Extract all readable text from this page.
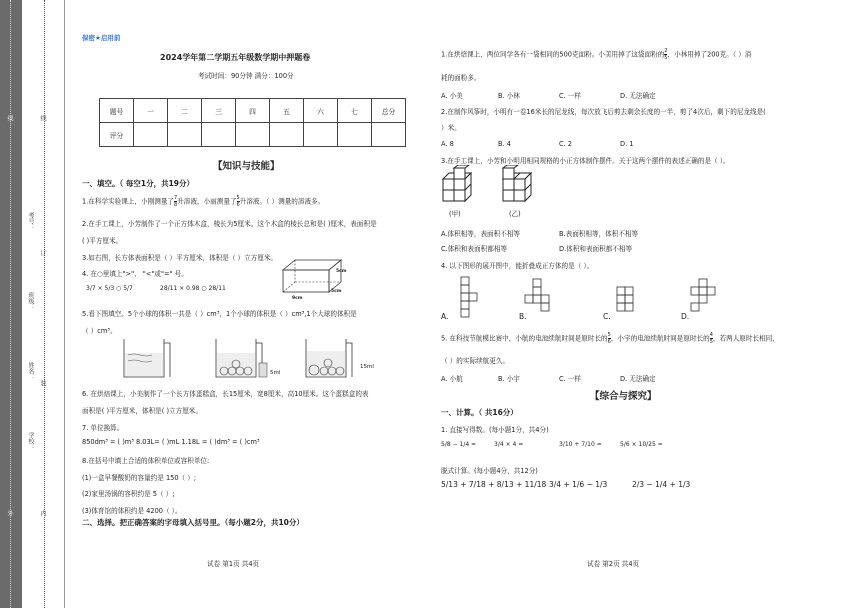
线
订
装
内
线
外
考号：
班级：
姓名：
学校：
保密★启用前
2024学年第二学期五年级数学期中押题卷
考试时间：90分钟 满分：100分
题号	一	二	三	四	五	六	七	总分
评分								
【知识与技能】
一、填空。（ 每空1分，共19分）
1.在科学实验课上，小刚测量了 $\frac{7}{8}$ 升溶液，小丽测量了 $\frac{5}{6}$ 升溶液。（ ）测量的溶液多。
2.在手工课上，小芳制作了一个正方体木盒，棱长为5厘米。这个木盒的棱长总和是( )厘米，表面积是
( )平方厘米。
3.如右图，长方体表面积是（ ）平方厘米，体积是（ ）立方厘米。
4. 在○里填上">"、 "<"或"=" 号。
3/7 × 5/3 ○ 5/7	28/11 × 0.98 ○ 28/11
5cm
5cm
9cm
5.看下图填空。5个小球的体积一共是（ ）cm³，1个小球的体积是（ ）cm³,1个大球的体积是
（ ）cm³。
5ml
15ml
6. 在烘焙课上，小美制作了一个长方体蛋糕盒，长15厘米，宽8厘米，高10厘米。这个蛋糕盒的表
面积是( )平方厘米，体积是( )立方厘米。
7. 单位换算。
850dm³ = ( )m³ 8.03L= ( )mL 1.18L = ( )dm³ = ( )cm³
8.在括号中填上合适的体积单位或容积单位:
(1)一盒早餐酸奶的容量约是 150（ ）;
(2)家里汤锅的容积约是 5（ ）;
(3)体育馆的体积约是 4200（ ）。
二、选择。把正确答案的字母填入括号里。（每小题2分，共10分）
试卷 第1页 共4页
1.在烘焙课上，两位同学各有一袋相同的500克面粉。小美用掉了这袋面粉的 $\frac{2}{5}$ ，小林用掉了200克。（ ）消
耗的面粉多。
A. 小美	B. 小林	C. 一样	D. 无法确定
2.在制作风筝时，小明有一卷16米长的尼龙线，每次放飞后剪去剩余长度的一半，剪了4次后，剩下的尼龙线是(
）米。
A. 8	B. 4	C. 2	D. 1
3.在手工课上，小芳和小明用相同规格的小正方体制作摆件。关于这两个摆件的表述正确的是（ ）。
(甲)	(乙)
A.体积相等，表面积不相等	B.表面积相等，体积不相等
C.体积和表面积都相等	D.体积和表面积都不相等
4. 以下图形的展开图中，能折叠成正方体的是（ ）。
A.	B.	C.	D.
5. 在科技节航模比赛中，小航的电池续航时间是原时长的 $\frac{5}{6}$ ，小宇的电池续航时间是原时长的 $\frac{4}{5}$ ，若两人原时长相同，
（ ）的实际续航更久。
A. 小航	B. 小宇	C. 一样	D. 无法确定
【综合与探究】
一、计算。（ 共16分）
1. 直接写得数。(每小题1分，共4分)
5/8 − 1/4 =	3/4 × 4 =	3/10 + 7/10 =	5/6 × 10/25 =
脱式计算。(每小题4分，共12分)
5/13 + 7/18 + 8/13 + 11/18 3/4 + 1/6 − 1/3	2/3 − 1/4 + 1/3
试卷 第2页 共4页
